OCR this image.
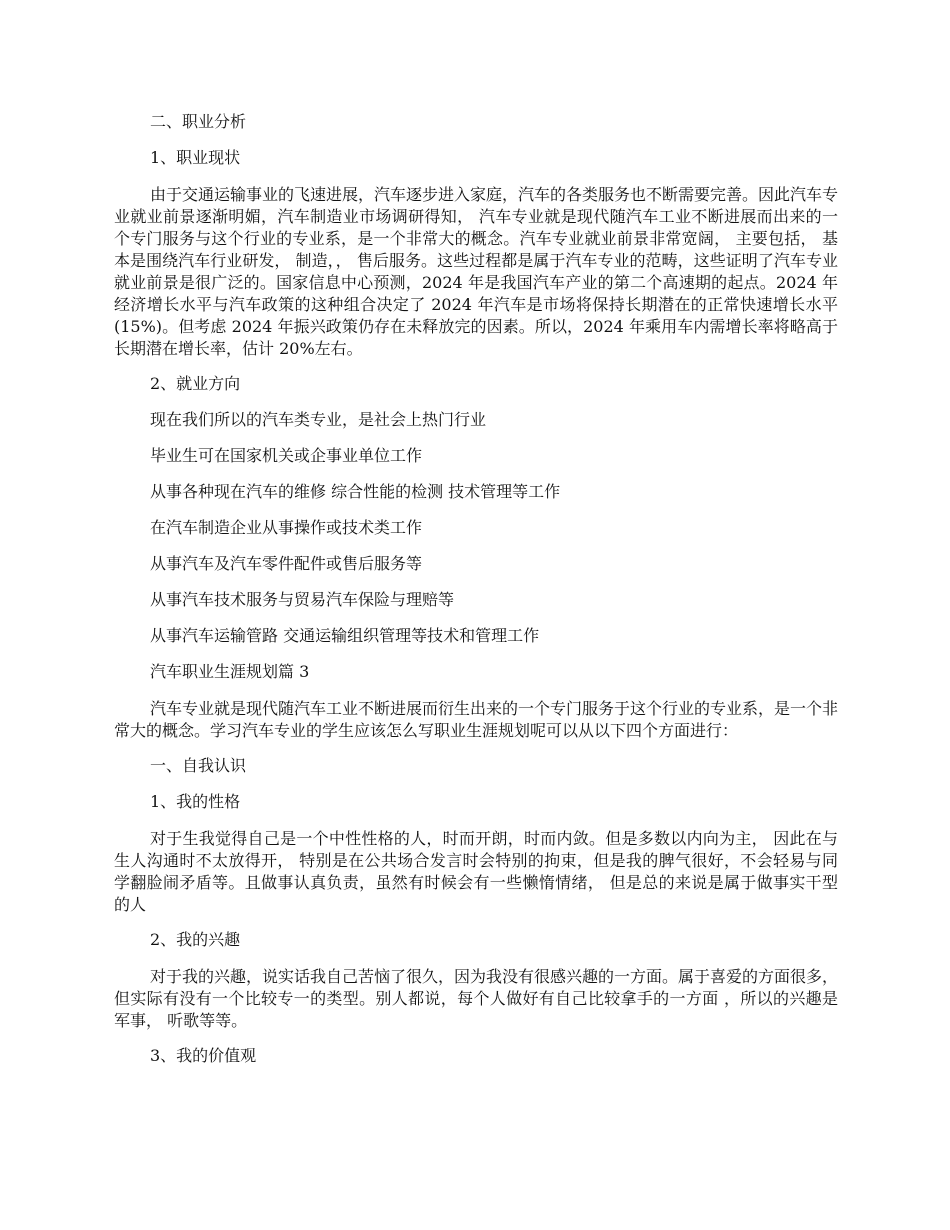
二、职业分析

1、职业现状

由于交通运输事业的飞速进展，汽车逐步进入家庭，汽车的各类服务也不断需要完善。因此汽车专业就业前景逐渐明媚，汽车制造业市场调研得知， 汽车专业就是现代随汽车工业不断进展而出来的一个专门服务与这个行业的专业系，是一个非常大的概念。汽车专业就业前景非常宽阔， 主要包括， 基本是围绕汽车行业研发， 制造，， 售后服务。这些过程都是属于汽车专业的范畴，这些证明了汽车专业就业前景是很广泛的。国家信息中心预测，2024 年是我国汽车产业的第二个高速期的起点。2024 年经济增长水平与汽车政策的这种组合决定了 2024 年汽车是市场将保持长期潜在的正常快速增长水平(15%)。但考虑 2024 年振兴政策仍存在未释放完的因素。所以，2024 年乘用车内需增长率将略高于长期潜在增长率，估计 20%左右。

2、就业方向

现在我们所以的汽车类专业，是社会上热门行业

毕业生可在国家机关或企事业单位工作

从事各种现在汽车的维修 综合性能的检测 技术管理等工作

在汽车制造企业从事操作或技术类工作

从事汽车及汽车零件配件或售后服务等

从事汽车技术服务与贸易汽车保险与理赔等

从事汽车运输管路 交通运输组织管理等技术和管理工作

汽车职业生涯规划篇 3

汽车专业就是现代随汽车工业不断进展而衍生出来的一个专门服务于这个行业的专业系，是一个非常大的概念。学习汽车专业的学生应该怎么写职业生涯规划呢可以从以下四个方面进行：

一、自我认识

1、我的性格

对于生我觉得自己是一个中性性格的人，时而开朗，时而内敛。但是多数以内向为主， 因此在与生人沟通时不太放得开， 特别是在公共场合发言时会特别的拘束，但是我的脾气很好，不会轻易与同学翻脸闹矛盾等。且做事认真负责，虽然有时候会有一些懒惰情绪， 但是总的来说是属于做事实干型的人

2、我的兴趣

对于我的兴趣，说实话我自己苦恼了很久，因为我没有很感兴趣的一方面。属于喜爱的方面很多，但实际有没有一个比较专一的类型。别人都说，每个人做好有自己比较拿手的一方面 ，所以的兴趣是军事， 听歌等等。

3、我的价值观
